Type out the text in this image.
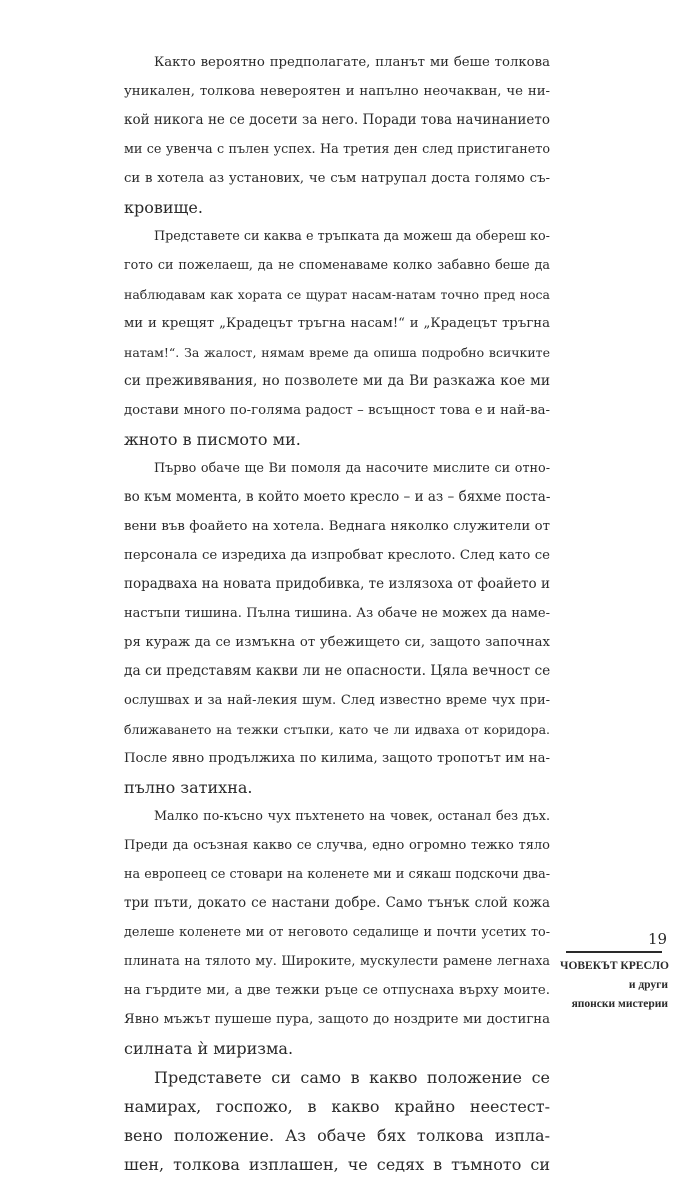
Както вероятно предполагате, планът ми беше толкова
уникален, толкова невероятен и напълно неочакван, че ни-
кой никога не се досети за него. Поради това начинанието
ми се увенча с пълен успех. На третия ден след пристигането
си в хотела аз установих, че съм натрупал доста голямо съ-
кровище.
Представете си каква е тръпката да можеш да обереш ко-
гото си пожелаеш, да не споменаваме колко забавно беше да
наблюдавам как хората се щурат насам-натам точно пред носа
ми и крещят „Крадецът тръгна насам!“ и „Крадецът тръгна
натам!“. За жалост, нямам време да опиша подробно всичките
си преживявания, но позволете ми да Ви разкажа кое ми
достави много по-голяма радост – всъщност това е и най-ва-
жното в писмото ми.
Първо обаче ще Ви помоля да насочите мислите си отно-
во към момента, в който моето кресло – и аз – бяхме поста-
вени във фоайето на хотела. Веднага няколко служители от
персонала се изредиха да изпробват креслото. След като се
порадваха на новата придобивка, те излязоха от фоайето и
настъпи тишина. Пълна тишина. Аз обаче не можех да наме-
ря кураж да се измъкна от убежището си, защото започнах
да си представям какви ли не опасности. Цяла вечност се
ослушвах и за най-лекия шум. След известно време чух при-
ближаването на тежки стъпки, като че ли идваха от коридора.
После явно продължиха по килима, защото тропотът им на-
пълно затихна.
Малко по-късно чух пъхтенето на човек, останал без дъх.
Преди да осъзная какво се случва, едно огромно тежко тяло
на европеец се стовари на коленете ми и сякаш подскочи два-
три пъти, докато се настани добре. Само тънък слой кожа
делеше коленете ми от неговото седалище и почти усетих то-
плината на тялото му. Широките, мускулести рамене легнаха
на гърдите ми, а две тежки ръце се отпуснаха върху моите.
Явно мъжът пушеше пура, защото до ноздрите ми достигна
силната ѝ миризма.
Представете си само в какво положение се
намирах, госпожо, в какво крайно неестест-
вено положение. Аз обаче бях толкова изпла-
шен, толкова изплашен, че седях в тъмното си
19
ЧОВЕКЪТ КРЕСЛО
и други
японски мистерии
